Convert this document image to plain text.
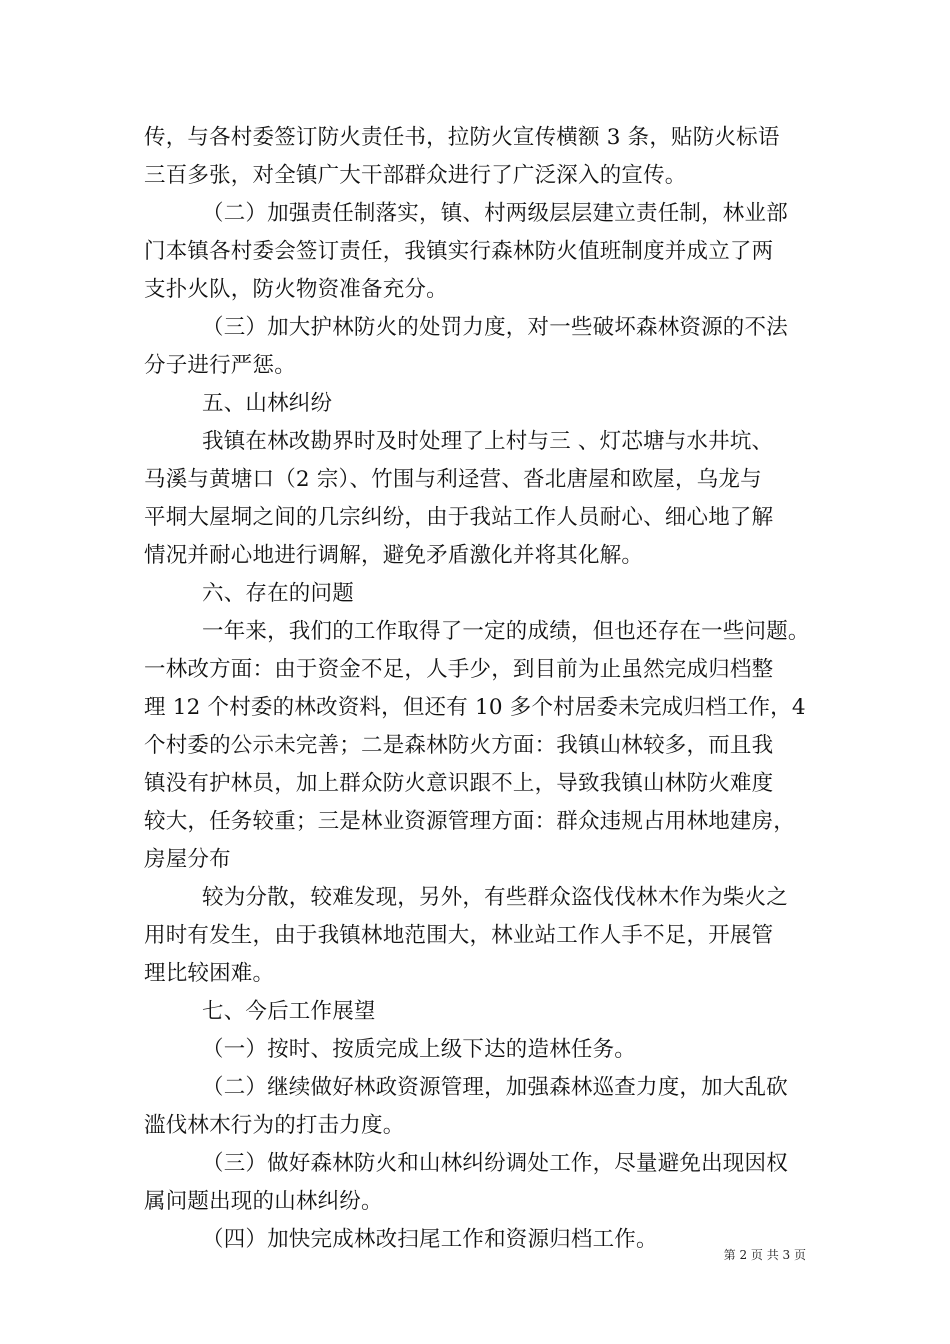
传，与各村委签订防火责任书，拉防火宣传横额 3 条，贴防火标语
三百多张，对全镇广大干部群众进行了广泛深入的宣传。
（二）加强责任制落实，镇、村两级层层建立责任制，林业部
门本镇各村委会签订责任，我镇实行森林防火值班制度并成立了两
支扑火队，防火物资准备充分。
（三）加大护林防火的处罚力度，对一些破坏森林资源的不法
分子进行严惩。
五、山林纠纷
我镇在林改勘界时及时处理了上村与三 、灯芯塘与水井坑、
马溪与黄塘口（2 宗）、竹围与利迳营、沓北唐屋和欧屋，乌龙与
平垌大屋垌之间的几宗纠纷，由于我站工作人员耐心、细心地了解
情况并耐心地进行调解，避免矛盾激化并将其化解。
六、存在的问题
一年来，我们的工作取得了一定的成绩，但也还存在一些问题。
一林改方面：由于资金不足，人手少，到目前为止虽然完成归档整
理 12 个村委的林改资料，但还有 10 多个村居委未完成归档工作，4
个村委的公示未完善；二是森林防火方面：我镇山林较多，而且我
镇没有护林员，加上群众防火意识跟不上，导致我镇山林防火难度
较大，任务较重；三是林业资源管理方面：群众违规占用林地建房，
房屋分布
较为分散，较难发现，另外，有些群众盗伐伐林木作为柴火之
用时有发生，由于我镇林地范围大，林业站工作人手不足，开展管
理比较困难。
七、今后工作展望
（一）按时、按质完成上级下达的造林任务。
（二）继续做好林政资源管理，加强森林巡查力度，加大乱砍
滥伐林木行为的打击力度。
（三）做好森林防火和山林纠纷调处工作，尽量避免出现因权
属问题出现的山林纠纷。
（四）加快完成林改扫尾工作和资源归档工作。
第 2 页 共 3 页
